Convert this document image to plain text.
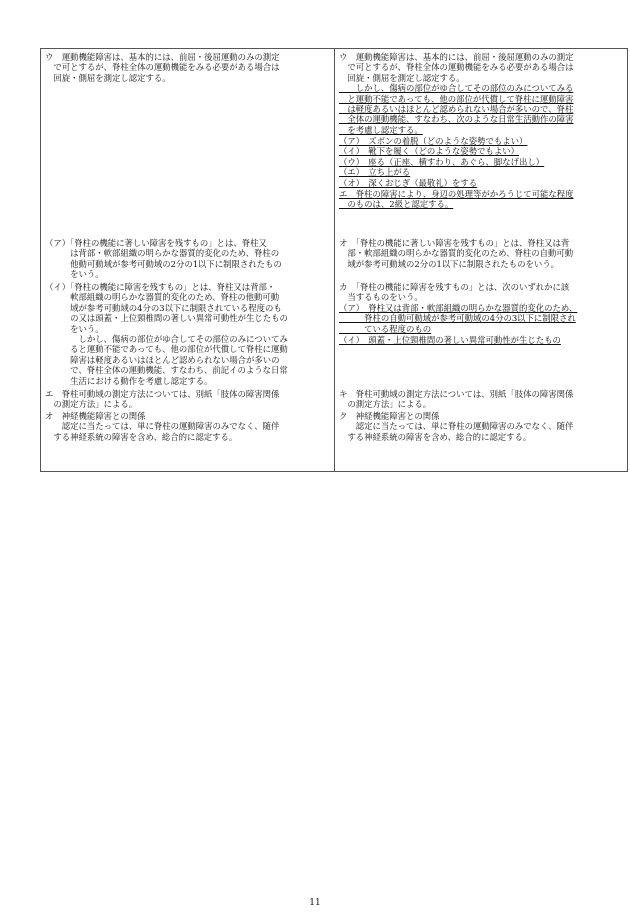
ウ　運動機能障害は、基本的には、前屈・後屈運動のみの測定
　で可とするが、脊柱全体の運動機能をみる必要がある場合は
　回旋・側屈を測定し認定する。
（ア）「脊柱の機能に著しい障害を残すもの」とは、脊柱又
　　　は背部・軟部組織の明らかな器質的変化のため、脊柱の
　　　他動可動域が参考可動域の2分の1以下に制限されたもの
　　　をいう。
（イ）「脊柱の機能に障害を残すもの」とは、脊柱又は背部・
　　　軟部組織の明らかな器質的変化のため、脊柱の他動可動
　　　域が参考可動域の4分の3以下に制限されている程度のも
　　　の又は頭蓋・上位頸椎間の著しい異常可動性が生じたもの
　　　をいう。
　　　　しかし、傷病の部位がゆ合してその部位のみについてみ
　　　ると運動不能であっても、他の部位が代償して脊柱に運動
　　　障害は軽度あるいはほとんど認められない場合が多いの
　　　で、脊柱全体の運動機能、すなわち、前記イのような日常
　　　生活における動作を考慮し認定する。
エ　脊柱可動域の測定方法については、別紙「肢体の障害関係
　の測定方法」による。
オ　神経機能障害との関係
　　認定に当たっては、単に脊柱の運動障害のみでなく、随伴
　する神経系統の障害を含め、総合的に認定する。
ウ　運動機能障害は、基本的には、前屈・後屈運動のみの測定
　で可とするが、脊柱全体の運動機能をみる必要がある場合は
　回旋・側屈を測定し認定する。
　　しかし、傷病の部位がゆ合してその部位のみについてみる
　と運動不能であっても、他の部位が代償して脊柱に運動障害
　は軽度あるいはほとんど認められない場合が多いので、脊柱
　全体の運動機能、すなわち、次のような日常生活動作の障害
　を考慮し認定する。
（ア）　ズボンの着脱（どのような姿勢でもよい）
（イ）　靴下を履く（どのような姿勢でもよい）
（ウ）　座る（正座、横すわり、あぐら、脚なげ出し）
（エ）　立ち上がる
（オ）　深くおじぎ（最敬礼）をする
エ　脊柱の障害により、身辺の処理等がかろうじて可能な程度
　のものは、2級と認定する。
オ　「脊柱の機能に著しい障害を残すもの」とは、脊柱又は背
　部・軟部組織の明らかな器質的変化のため、脊柱の自動可動
　域が参考可動域の2分の1以下に制限されたものをいう。
カ　「脊柱の機能に障害を残すもの」とは、次のいずれかに該
　当するものをいう。
（ア）　脊柱又は背部・軟部組織の明らかな器質的変化のため、
　　　脊柱の自動可動域が参考可動域の4分の3以下に制限され
　　　ている程度のもの
（イ）　頭蓋・上位頸椎間の著しい異常可動性が生じたもの
キ　脊柱可動域の測定方法については、別紙「肢体の障害関係
　の測定方法」による。
ク　神経機能障害との関係
　　認定に当たっては、単に脊柱の運動障害のみでなく、随伴
　する神経系統の障害を含め、総合的に認定する。
11
